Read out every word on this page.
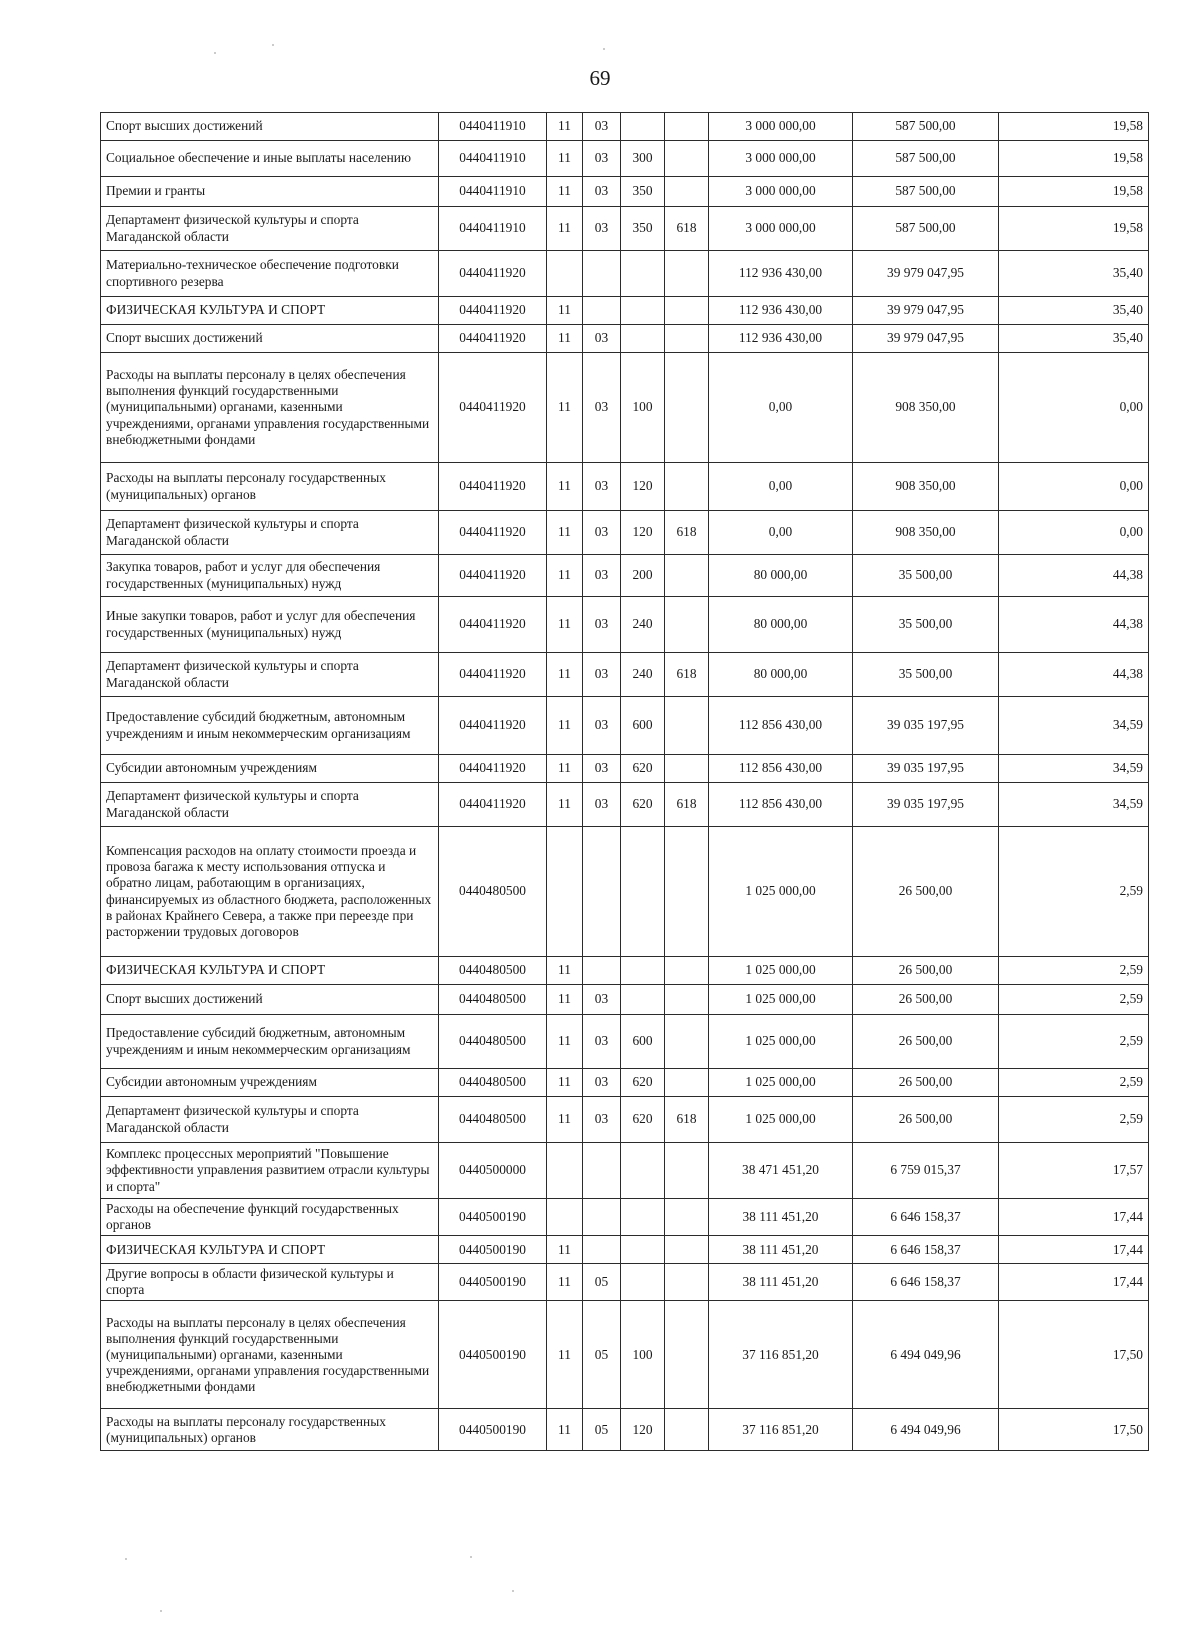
69
Спорт высших достижений	0440411910	11	03			3 000 000,00	587 500,00	19,58
Социальное обеспечение и иные выплаты населению	0440411910	11	03	300		3 000 000,00	587 500,00	19,58
Премии и гранты	0440411910	11	03	350		3 000 000,00	587 500,00	19,58
Департамент физической культуры и спорта Магаданской области	0440411910	11	03	350	618	3 000 000,00	587 500,00	19,58
Материально-техническое обеспечение подготовки спортивного резерва	0440411920					112 936 430,00	39 979 047,95	35,40
ФИЗИЧЕСКАЯ КУЛЬТУРА И СПОРТ	0440411920	11				112 936 430,00	39 979 047,95	35,40
Спорт высших достижений	0440411920	11	03			112 936 430,00	39 979 047,95	35,40
Расходы на выплаты персоналу в целях обеспечения выполнения функций государственными (муниципальными) органами, казенными учреждениями, органами управления государственными внебюджетными фондами	0440411920	11	03	100		0,00	908 350,00	0,00
Расходы на выплаты персоналу государственных (муниципальных) органов	0440411920	11	03	120		0,00	908 350,00	0,00
Департамент физической культуры и спорта Магаданской области	0440411920	11	03	120	618	0,00	908 350,00	0,00
Закупка товаров, работ и услуг для обеспечения государственных (муниципальных) нужд	0440411920	11	03	200		80 000,00	35 500,00	44,38
Иные закупки товаров, работ и услуг для обеспечения государственных (муниципальных) нужд	0440411920	11	03	240		80 000,00	35 500,00	44,38
Департамент физической культуры и спорта Магаданской области	0440411920	11	03	240	618	80 000,00	35 500,00	44,38
Предоставление субсидий бюджетным, автономным учреждениям и иным некоммерческим организациям	0440411920	11	03	600		112 856 430,00	39 035 197,95	34,59
Субсидии автономным учреждениям	0440411920	11	03	620		112 856 430,00	39 035 197,95	34,59
Департамент физической культуры и спорта Магаданской области	0440411920	11	03	620	618	112 856 430,00	39 035 197,95	34,59
Компенсация расходов на оплату стоимости проезда и провоза багажа к месту использования отпуска и обратно лицам, работающим в организациях, финансируемых из областного бюджета, расположенных в районах Крайнего Севера, а также при переезде при расторжении трудовых договоров	0440480500					1 025 000,00	26 500,00	2,59
ФИЗИЧЕСКАЯ КУЛЬТУРА И СПОРТ	0440480500	11				1 025 000,00	26 500,00	2,59
Спорт высших достижений	0440480500	11	03			1 025 000,00	26 500,00	2,59
Предоставление субсидий бюджетным, автономным учреждениям и иным некоммерческим организациям	0440480500	11	03	600		1 025 000,00	26 500,00	2,59
Субсидии автономным учреждениям	0440480500	11	03	620		1 025 000,00	26 500,00	2,59
Департамент физической культуры и спорта Магаданской области	0440480500	11	03	620	618	1 025 000,00	26 500,00	2,59
Комплекс процессных мероприятий "Повышение эффективности управления развитием отрасли культуры и спорта"	0440500000					38 471 451,20	6 759 015,37	17,57
Расходы на обеспечение функций государственных органов	0440500190					38 111 451,20	6 646 158,37	17,44
ФИЗИЧЕСКАЯ КУЛЬТУРА И СПОРТ	0440500190	11				38 111 451,20	6 646 158,37	17,44
Другие вопросы в области физической культуры и спорта	0440500190	11	05			38 111 451,20	6 646 158,37	17,44
Расходы на выплаты персоналу в целях обеспечения выполнения функций государственными (муниципальными) органами, казенными учреждениями, органами управления государственными внебюджетными фондами	0440500190	11	05	100		37 116 851,20	6 494 049,96	17,50
Расходы на выплаты персоналу государственных (муниципальных) органов	0440500190	11	05	120		37 116 851,20	6 494 049,96	17,50
